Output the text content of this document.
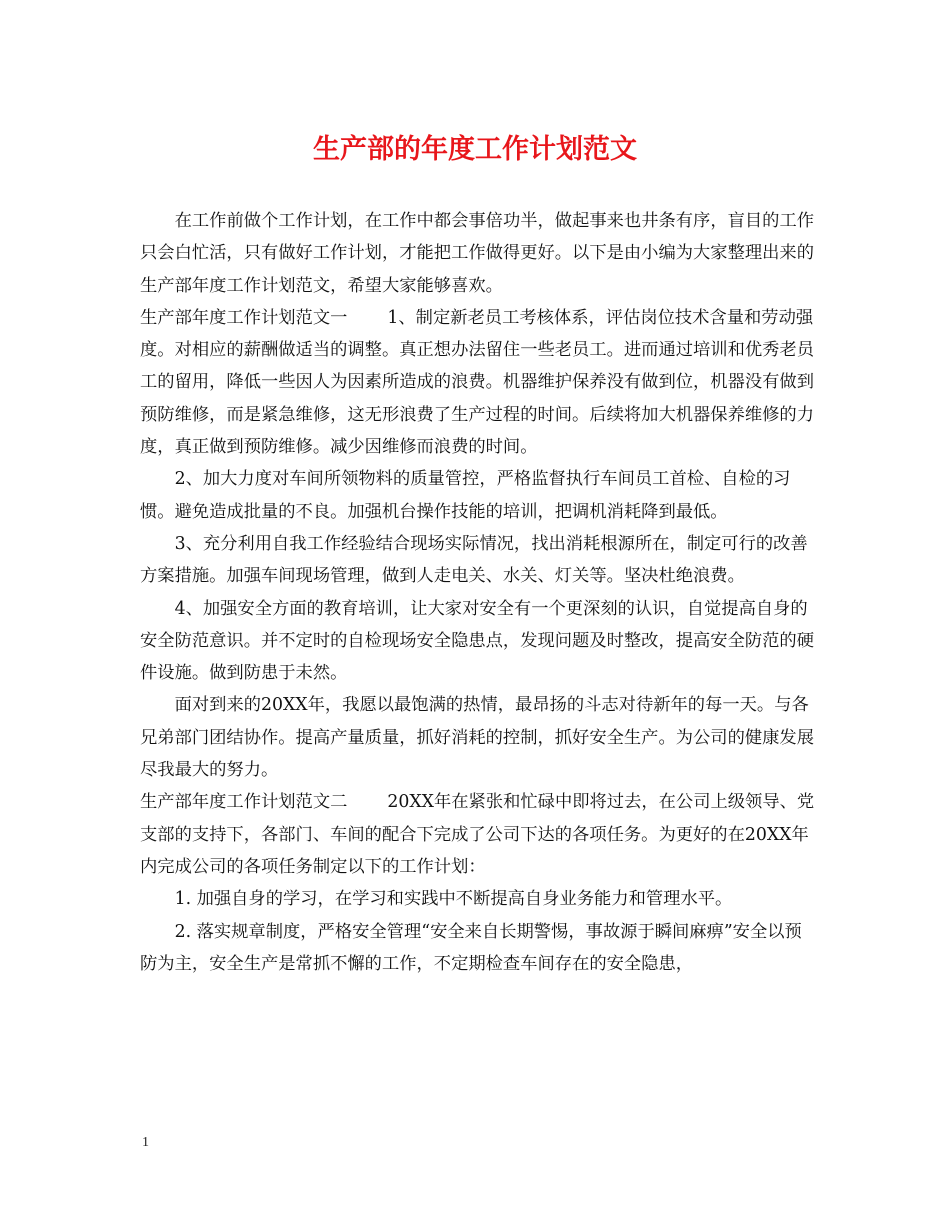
生产部的年度工作计划范文

在工作前做个工作计划，在工作中都会事倍功半，做起事来也井条有序，盲目的工作只会白忙活，只有做好工作计划，才能把工作做得更好。以下是由小编为大家整理出来的生产部年度工作计划范文，希望大家能够喜欢。

生产部年度工作计划范文一 1、制定新老员工考核体系，评估岗位技术含量和劳动强度。对相应的薪酬做适当的调整。真正想办法留住一些老员工。进而通过培训和优秀老员工的留用，降低一些因人为因素所造成的浪费。机器维护保养没有做到位，机器没有做到预防维修，而是紧急维修，这无形浪费了生产过程的时间。后续将加大机器保养维修的力度，真正做到预防维修。减少因维修而浪费的时间。

2、加大力度对车间所领物料的质量管控，严格监督执行车间员工首检、自检的习惯。避免造成批量的不良。加强机台操作技能的培训，把调机消耗降到最低。

3、充分利用自我工作经验结合现场实际情况，找出消耗根源所在，制定可行的改善方案措施。加强车间现场管理，做到人走电关、水关、灯关等。坚决杜绝浪费。

4、加强安全方面的教育培训，让大家对安全有一个更深刻的认识，自觉提高自身的安全防范意识。并不定时的自检现场安全隐患点，发现问题及时整改，提高安全防范的硬件设施。做到防患于未然。

面对到来的20XX年，我愿以最饱满的热情，最昂扬的斗志对待新年的每一天。与各兄弟部门团结协作。提高产量质量，抓好消耗的控制，抓好安全生产。为公司的健康发展尽我最大的努力。

生产部年度工作计划范文二 20XX年在紧张和忙碌中即将过去，在公司上级领导、党支部的支持下，各部门、车间的配合下完成了公司下达的各项任务。为更好的在20XX年内完成公司的各项任务制定以下的工作计划：

1. 加强自身的学习，在学习和实践中不断提高自身业务能力和管理水平。

2. 落实规章制度，严格安全管理“安全来自长期警惕，事故源于瞬间麻痹”安全以预防为主，安全生产是常抓不懈的工作，不定期检查车间存在的安全隐患，

1
